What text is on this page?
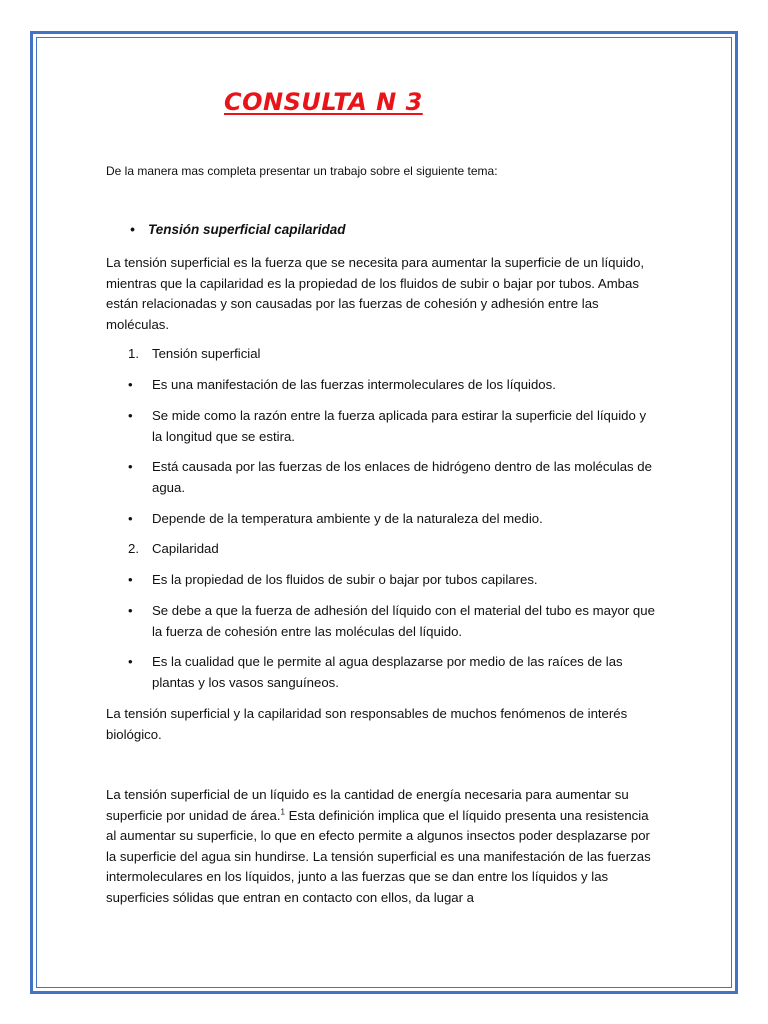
CONSULTA N 3

De la manera mas completa presentar un trabajo sobre el siguiente tema:

• Tensión superficial capilaridad

La tensión superficial es la fuerza que se necesita para aumentar la superficie de un líquido, mientras que la capilaridad es la propiedad de los fluidos de subir o bajar por tubos. Ambas están relacionadas y son causadas por las fuerzas de cohesión y adhesión entre las moléculas.

1. Tensión superficial
•	Es una manifestación de las fuerzas intermoleculares de los líquidos.
•	Se mide como la razón entre la fuerza aplicada para estirar la superficie del líquido y la longitud que se estira.
•	Está causada por las fuerzas de los enlaces de hidrógeno dentro de las moléculas de agua.
•	Depende de la temperatura ambiente y de la naturaleza del medio.
2. Capilaridad
•	Es la propiedad de los fluidos de subir o bajar por tubos capilares.
•	Se debe a que la fuerza de adhesión del líquido con el material del tubo es mayor que la fuerza de cohesión entre las moléculas del líquido.
•	Es la cualidad que le permite al agua desplazarse por medio de las raíces de las plantas y los vasos sanguíneos.

La tensión superficial y la capilaridad son responsables de muchos fenómenos de interés biológico.

La tensión superficial de un líquido es la cantidad de energía necesaria para aumentar su superficie por unidad de área.$^1$ Esta definición implica que el líquido presenta una resistencia al aumentar su superficie, lo que en efecto permite a algunos insectos poder desplazarse por la superficie del agua sin hundirse. La tensión superficial es una manifestación de las fuerzas intermoleculares en los líquidos, junto a las fuerzas que se dan entre los líquidos y las superficies sólidas que entran en contacto con ellos, da lugar a
